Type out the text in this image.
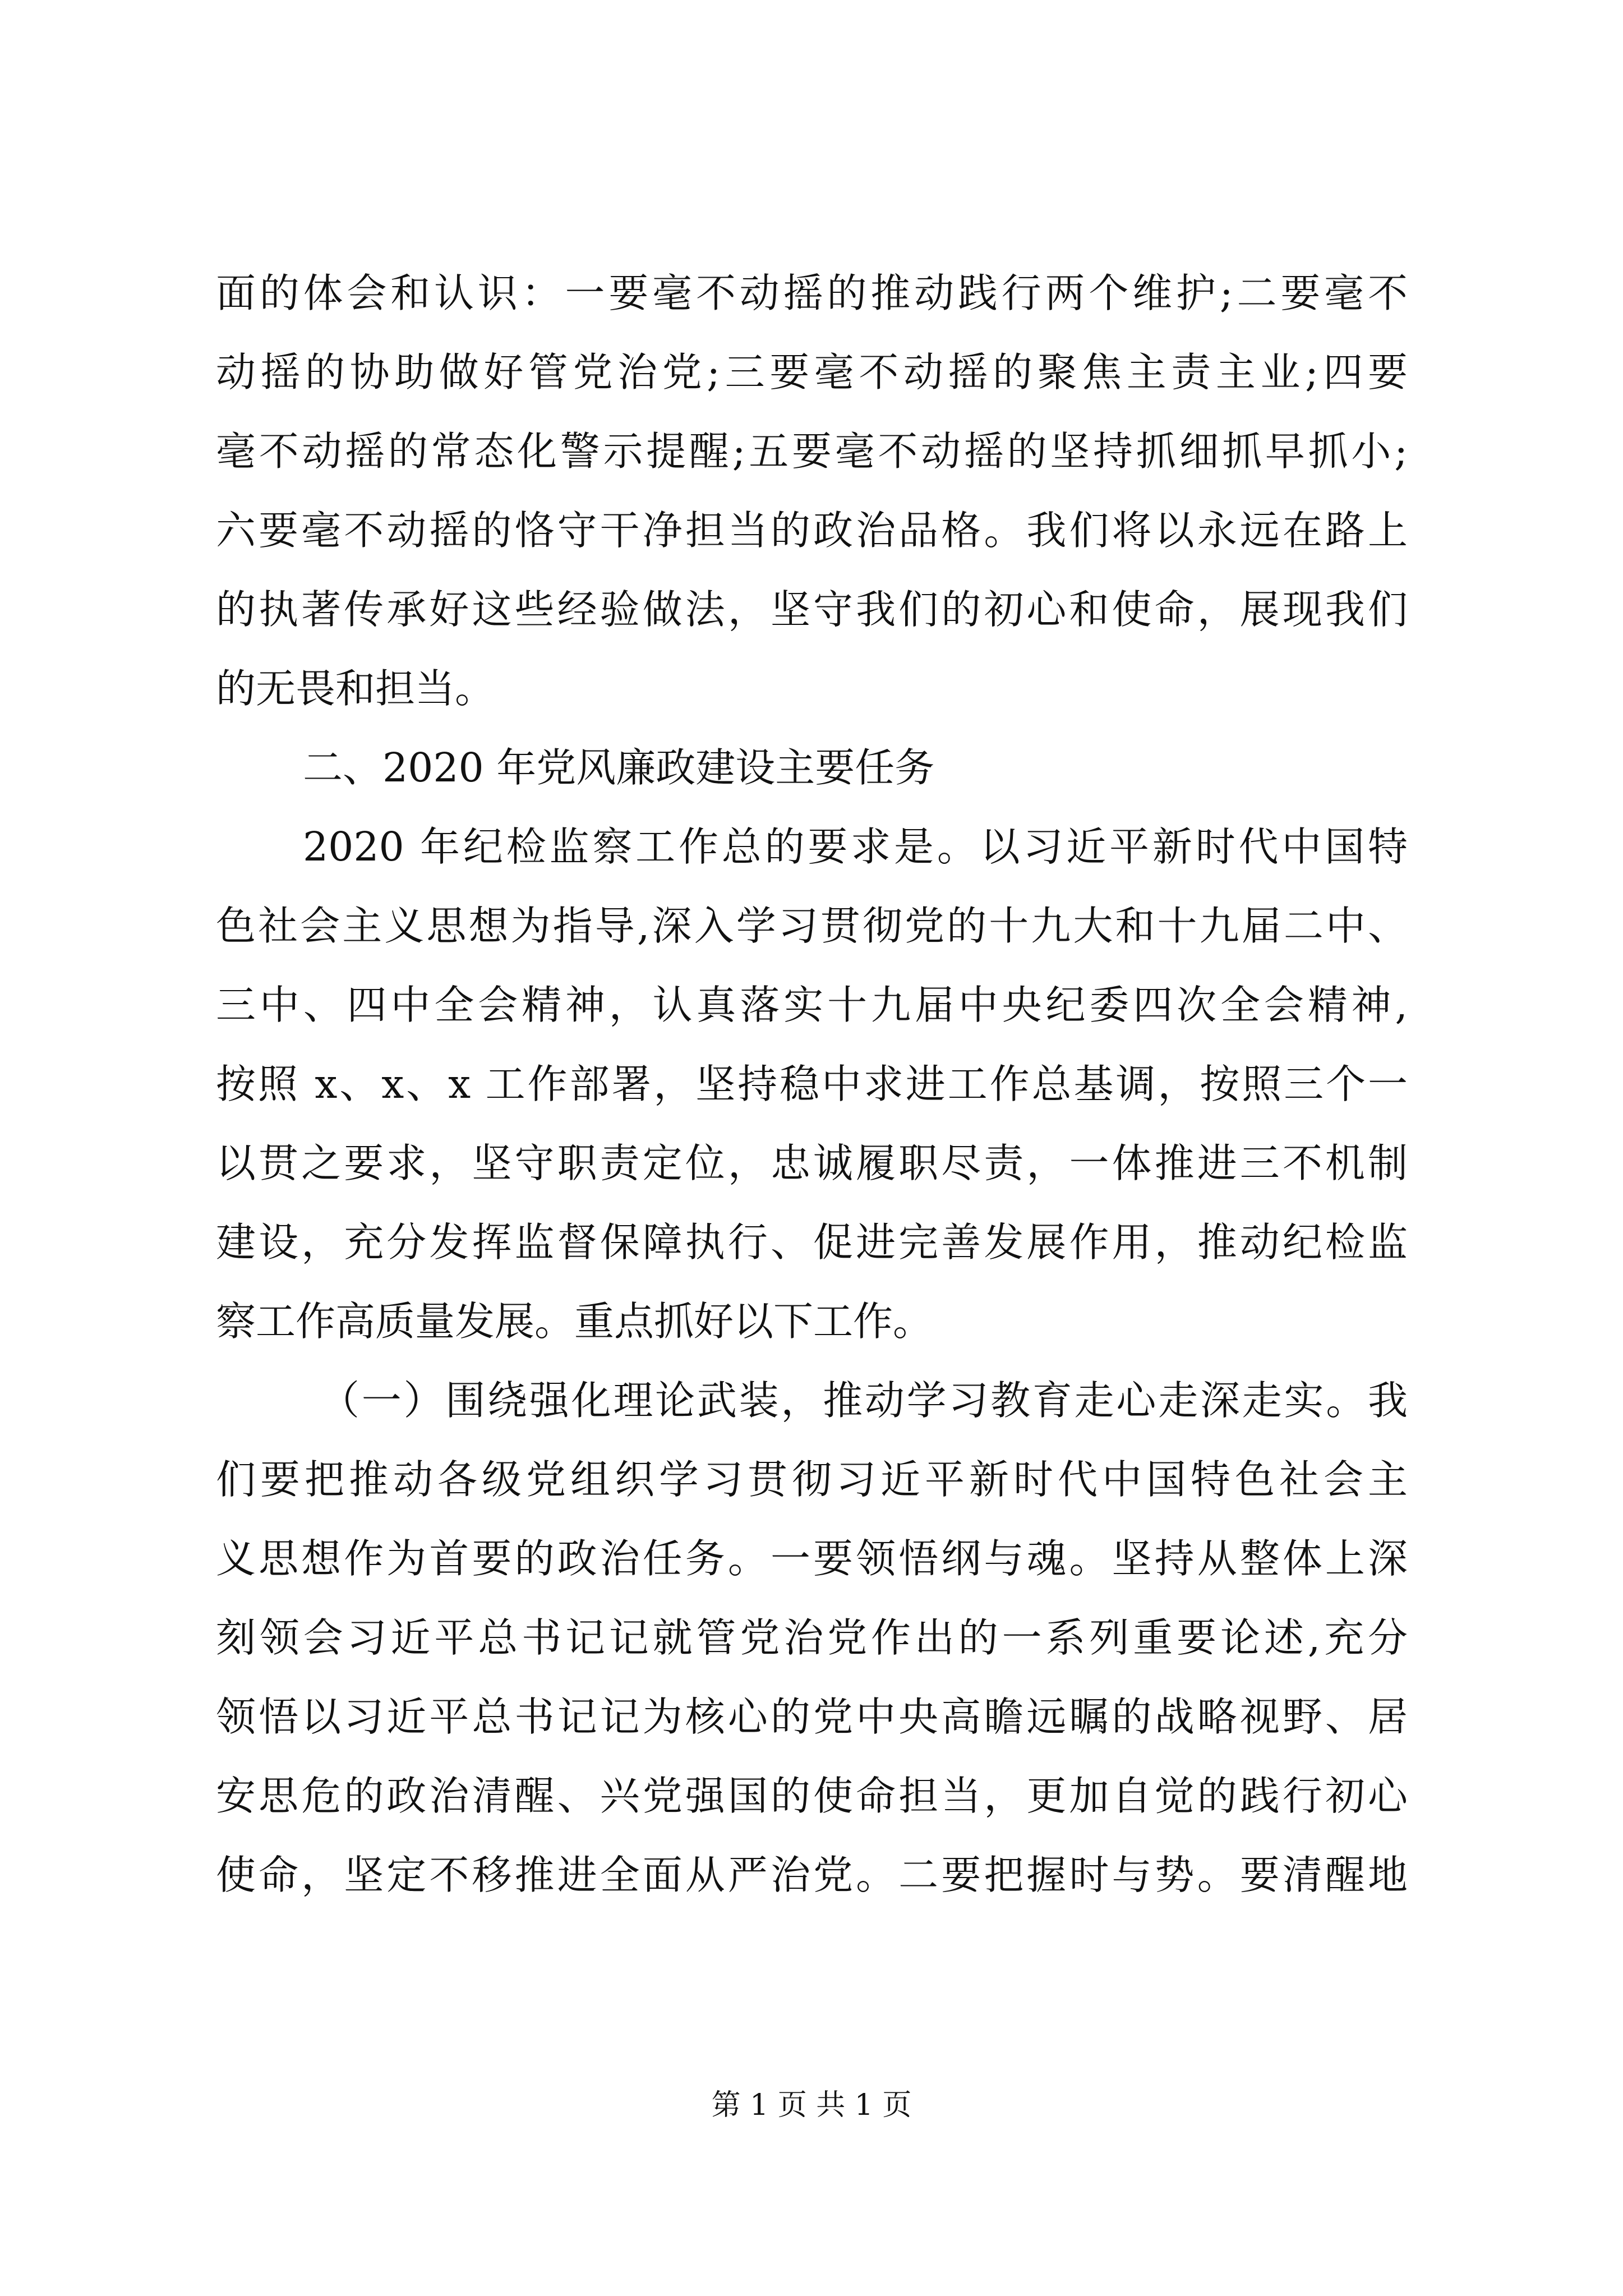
面的体会和认识：一要毫不动摇的推动践行两个维护;二要毫不
动摇的协助做好管党治党;三要毫不动摇的聚焦主责主业;四要
毫不动摇的常态化警示提醒;五要毫不动摇的坚持抓细抓早抓小;
六要毫不动摇的恪守干净担当的政治品格。我们将以永远在路上
的执著传承好这些经验做法，坚守我们的初心和使命，展现我们
的无畏和担当。
二、2020 年党风廉政建设主要任务
2020 年纪检监察工作总的要求是。以习近平新时代中国特
色社会主义思想为指导,深入学习贯彻党的十九大和十九届二中、
三中、四中全会精神，认真落实十九届中央纪委四次全会精神,
按照 x、x、x 工作部署，坚持稳中求进工作总基调，按照三个一
以贯之要求，坚守职责定位，忠诚履职尽责，一体推进三不机制
建设，充分发挥监督保障执行、促进完善发展作用，推动纪检监
察工作高质量发展。重点抓好以下工作。
（一）围绕强化理论武装，推动学习教育走心走深走实。我
们要把推动各级党组织学习贯彻习近平新时代中国特色社会主
义思想作为首要的政治任务。一要领悟纲与魂。坚持从整体上深
刻领会习近平总书记记就管党治党作出的一系列重要论述,充分
领悟以习近平总书记记为核心的党中央高瞻远瞩的战略视野、居
安思危的政治清醒、兴党强国的使命担当，更加自觉的践行初心
使命，坚定不移推进全面从严治党。二要把握时与势。要清醒地
第 1 页 共 1 页
